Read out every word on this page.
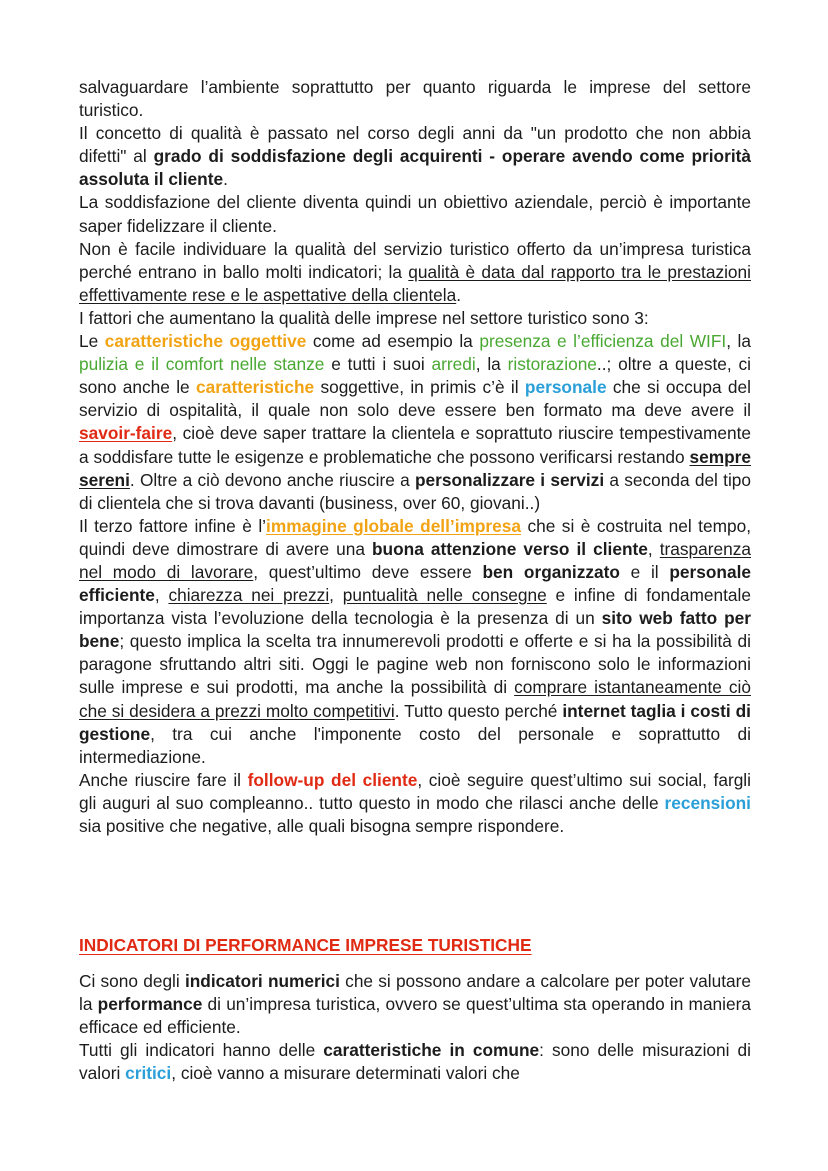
salvaguardare l’ambiente soprattutto per quanto riguarda le imprese del settore turistico.

Il concetto di qualità è passato nel corso degli anni da "un prodotto che non abbia difetti" al grado di soddisfazione degli acquirenti - operare avendo come priorità assoluta il cliente.

La soddisfazione del cliente diventa quindi un obiettivo aziendale, perciò è importante saper fidelizzare il cliente.

Non è facile individuare la qualità del servizio turistico offerto da un’impresa turistica perché entrano in ballo molti indicatori; la qualità è data dal rapporto tra le prestazioni effettivamente rese e le aspettative della clientela.

I fattori che aumentano la qualità delle imprese nel settore turistico sono 3:

Le caratteristiche oggettive come ad esempio la presenza e l’efficienza del WIFI, la pulizia e il comfort nelle stanze e tutti i suoi arredi, la ristorazione..; oltre a queste, ci sono anche le caratteristiche soggettive, in primis c’è il personale che si occupa del servizio di ospitalità, il quale non solo deve essere ben formato ma deve avere il savoir-faire, cioè deve saper trattare la clientela e soprattuto riuscire tempestivamente a soddisfare tutte le esigenze e problematiche che possono verificarsi restando sempre sereni. Oltre a ciò devono anche riuscire a personalizzare i servizi a seconda del tipo di clientela che si trova davanti (business, over 60, giovani..)

Il terzo fattore infine è l’immagine globale dell’impresa che si è costruita nel tempo, quindi deve dimostrare di avere una buona attenzione verso il cliente, trasparenza nel modo di lavorare, quest’ultimo deve essere ben organizzato e il personale efficiente, chiarezza nei prezzi, puntualità nelle consegne e infine di fondamentale importanza vista l’evoluzione della tecnologia è la presenza di un sito web fatto per bene; questo implica la scelta tra innumerevoli prodotti e offerte e si ha la possibilità di paragone sfruttando altri siti. Oggi le pagine web non forniscono solo le informazioni sulle imprese e sui prodotti, ma anche la possibilità di comprare istantaneamente ciò che si desidera a prezzi molto competitivi. Tutto questo perché internet taglia i costi di gestione, tra cui anche l'imponente costo del personale e soprattutto di intermediazione.

Anche riuscire fare il follow-up del cliente, cioè seguire quest’ultimo sui social, fargli gli auguri al suo compleanno.. tutto questo in modo che rilasci anche delle recensioni sia positive che negative, alle quali bisogna sempre rispondere.

INDICATORI DI PERFORMANCE IMPRESE TURISTICHE

Ci sono degli indicatori numerici che si possono andare a calcolare per poter valutare la performance di un’impresa turistica, ovvero se quest’ultima sta operando in maniera efficace ed efficiente.

Tutti gli indicatori hanno delle caratteristiche in comune: sono delle misurazioni di valori critici, cioè vanno a misurare determinati valori che
